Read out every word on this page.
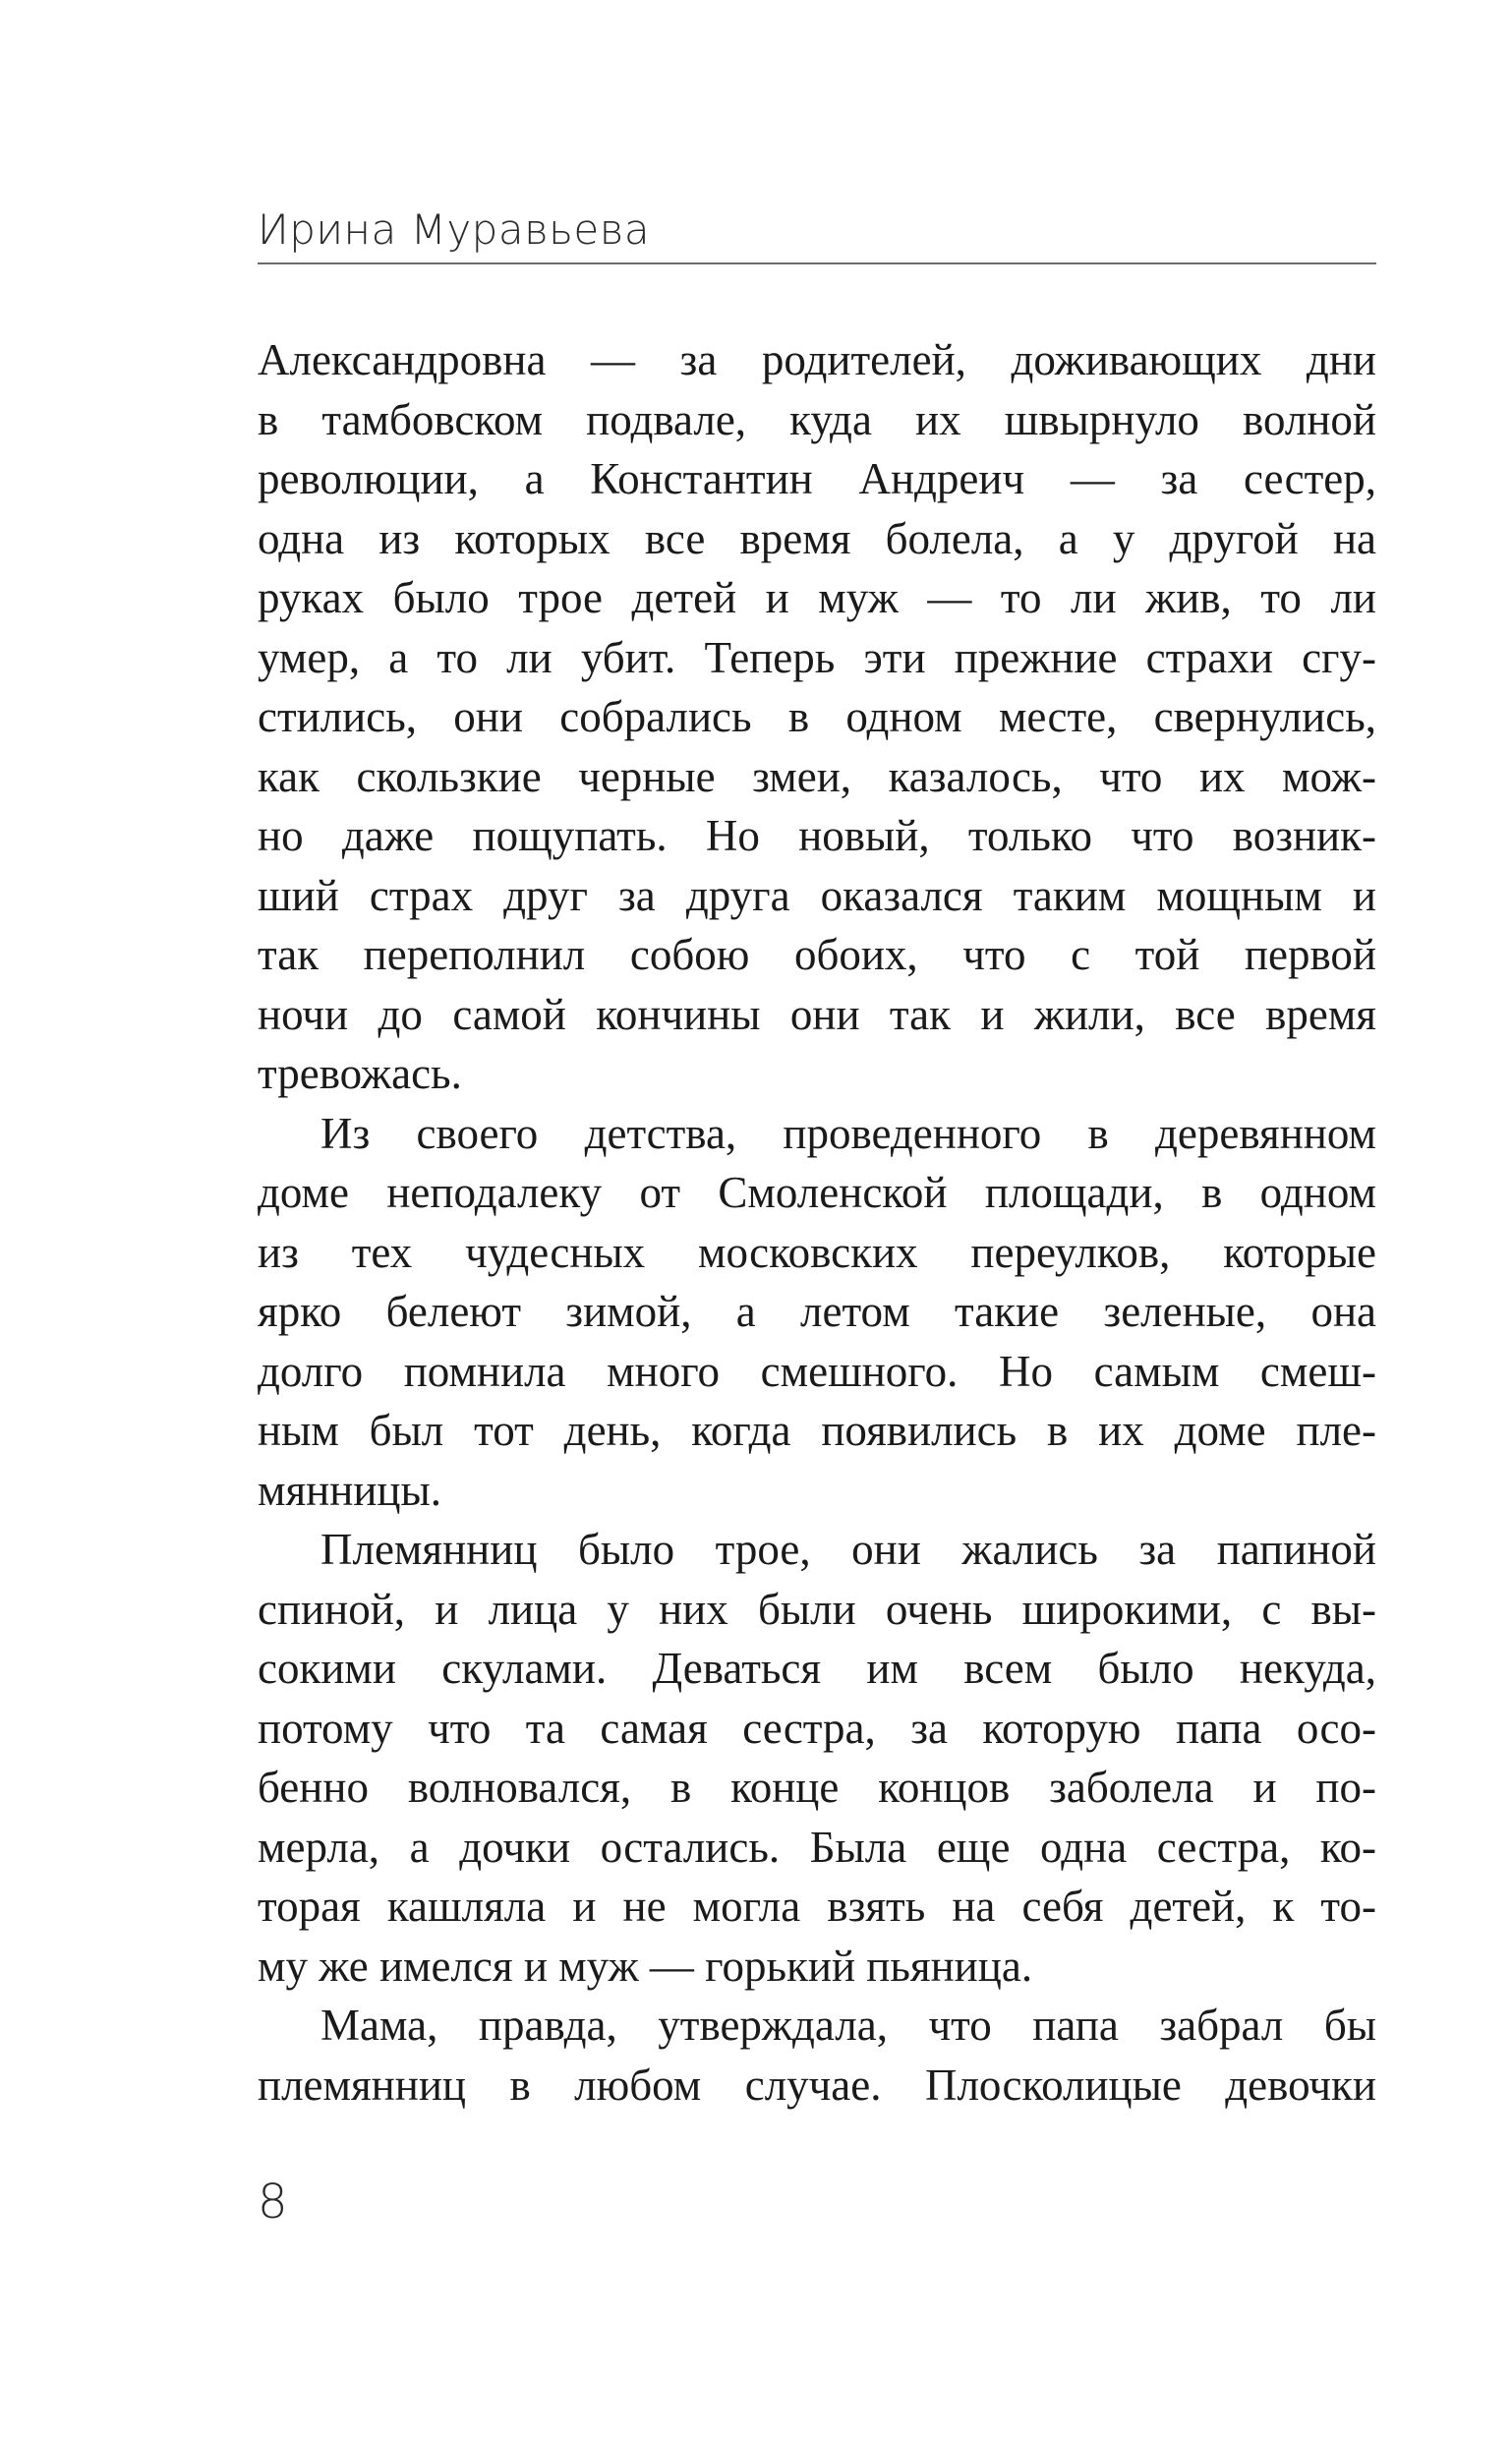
Ирина Муравьева
Александровна — за родителей, доживающих дни
в тамбовском подвале, куда их швырнуло волной
революции, а Константин Андреич — за сестер,
одна из которых все время болела, а у другой на
руках было трое детей и муж — то ли жив, то ли
умер, а то ли убит. Теперь эти прежние страхи сгу-
стились, они собрались в одном месте, свернулись,
как скользкие черные змеи, казалось, что их мож-
но даже пощупать. Но новый, только что возник-
ший страх друг за друга оказался таким мощным и
так переполнил собою обоих, что с той первой
ночи до самой кончины они так и жили, все время
тревожась.
Из своего детства, проведенного в деревянном
доме неподалеку от Смоленской площади, в одном
из тех чудесных московских переулков, которые
ярко белеют зимой, а летом такие зеленые, она
долго помнила много смешного. Но самым смеш-
ным был тот день, когда появились в их доме пле-
мянницы.
Племянниц было трое, они жались за папиной
спиной, и лица у них были очень широкими, с вы-
сокими скулами. Деваться им всем было некуда,
потому что та самая сестра, за которую папа осо-
бенно волновался, в конце концов заболела и по-
мерла, а дочки остались. Была еще одна сестра, ко-
торая кашляла и не могла взять на себя детей, к то-
му же имелся и муж — горький пьяница.
Мама, правда, утверждала, что папа забрал бы
племянниц в любом случае. Плосколицые девочки
8
